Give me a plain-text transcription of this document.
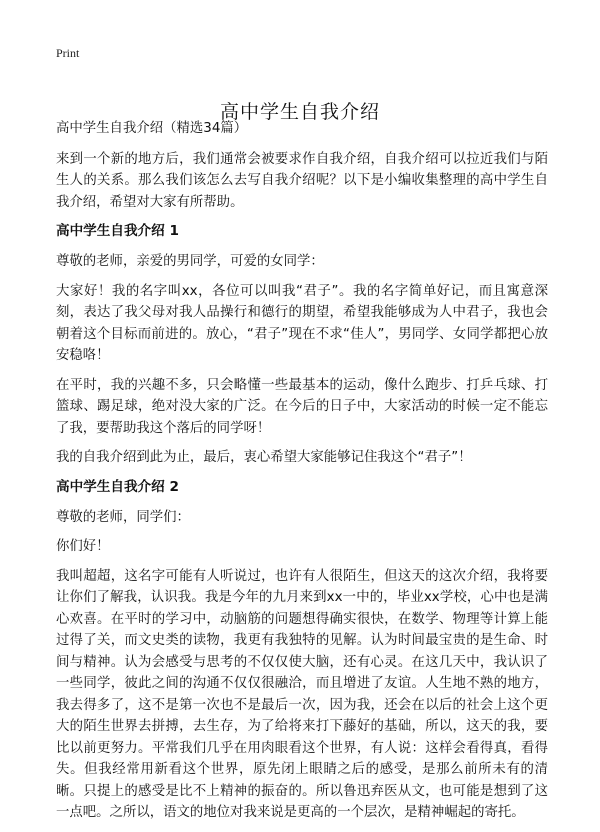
Print
高中学生自我介绍

高中学生自我介绍（精选34篇）

来到一个新的地方后，我们通常会被要求作自我介绍，自我介绍可以拉近我们与陌生人的关系。那么我们该怎么去写自我介绍呢？以下是小编收集整理的高中学生自我介绍，希望对大家有所帮助。

高中学生自我介绍 1

尊敬的老师，亲爱的男同学，可爱的女同学：

大家好！我的名字叫xx，各位可以叫我“君子”。我的名字简单好记，而且寓意深刻，表达了我父母对我人品操行和德行的期望，希望我能够成为人中君子，我也会朝着这个目标而前进的。放心，“君子”现在不求“佳人”，男同学、女同学都把心放安稳咯！

在平时，我的兴趣不多，只会略懂一些最基本的运动，像什么跑步、打乒乓球、打篮球、踢足球，绝对没大家的广泛。在今后的日子中，大家活动的时候一定不能忘了我，要帮助我这个落后的同学呀！

我的自我介绍到此为止，最后，衷心希望大家能够记住我这个“君子”！

高中学生自我介绍 2

尊敬的老师，同学们：

你们好！

我叫超超，这名字可能有人听说过，也许有人很陌生，但这天的这次介绍，我将要让你们了解我，认识我。我是今年的九月来到xx一中的，毕业xx学校，心中也是满心欢喜。在平时的学习中，动脑筋的问题想得确实很快，在数学、物理等计算上能过得了关，而文史类的读物，我更有我独特的见解。认为时间最宝贵的是生命、时间与精神。认为会感受与思考的不仅仅使大脑，还有心灵。在这几天中，我认识了一些同学，彼此之间的沟通不仅仅很融洽，而且增进了友谊。人生地不熟的地方，我去得多了，这不是第一次也不是最后一次，因为我，还会在以后的社会上这个更大的陌生世界去拼搏，去生存，为了给将来打下藤好的基础，所以，这天的我，要比以前更努力。平常我们几乎在用肉眼看这个世界，有人说：这样会看得真，看得失。但我经常用新看这个世界，原先闭上眼睛之后的感受，是那么前所未有的清晰。只提上的感受是比不上精神的振奋的。所以鲁迅弃医从文，也可能是想到了这一点吧。之所以，语文的地位对我来说是更高的一个层次，是精神崛起的寄托。
